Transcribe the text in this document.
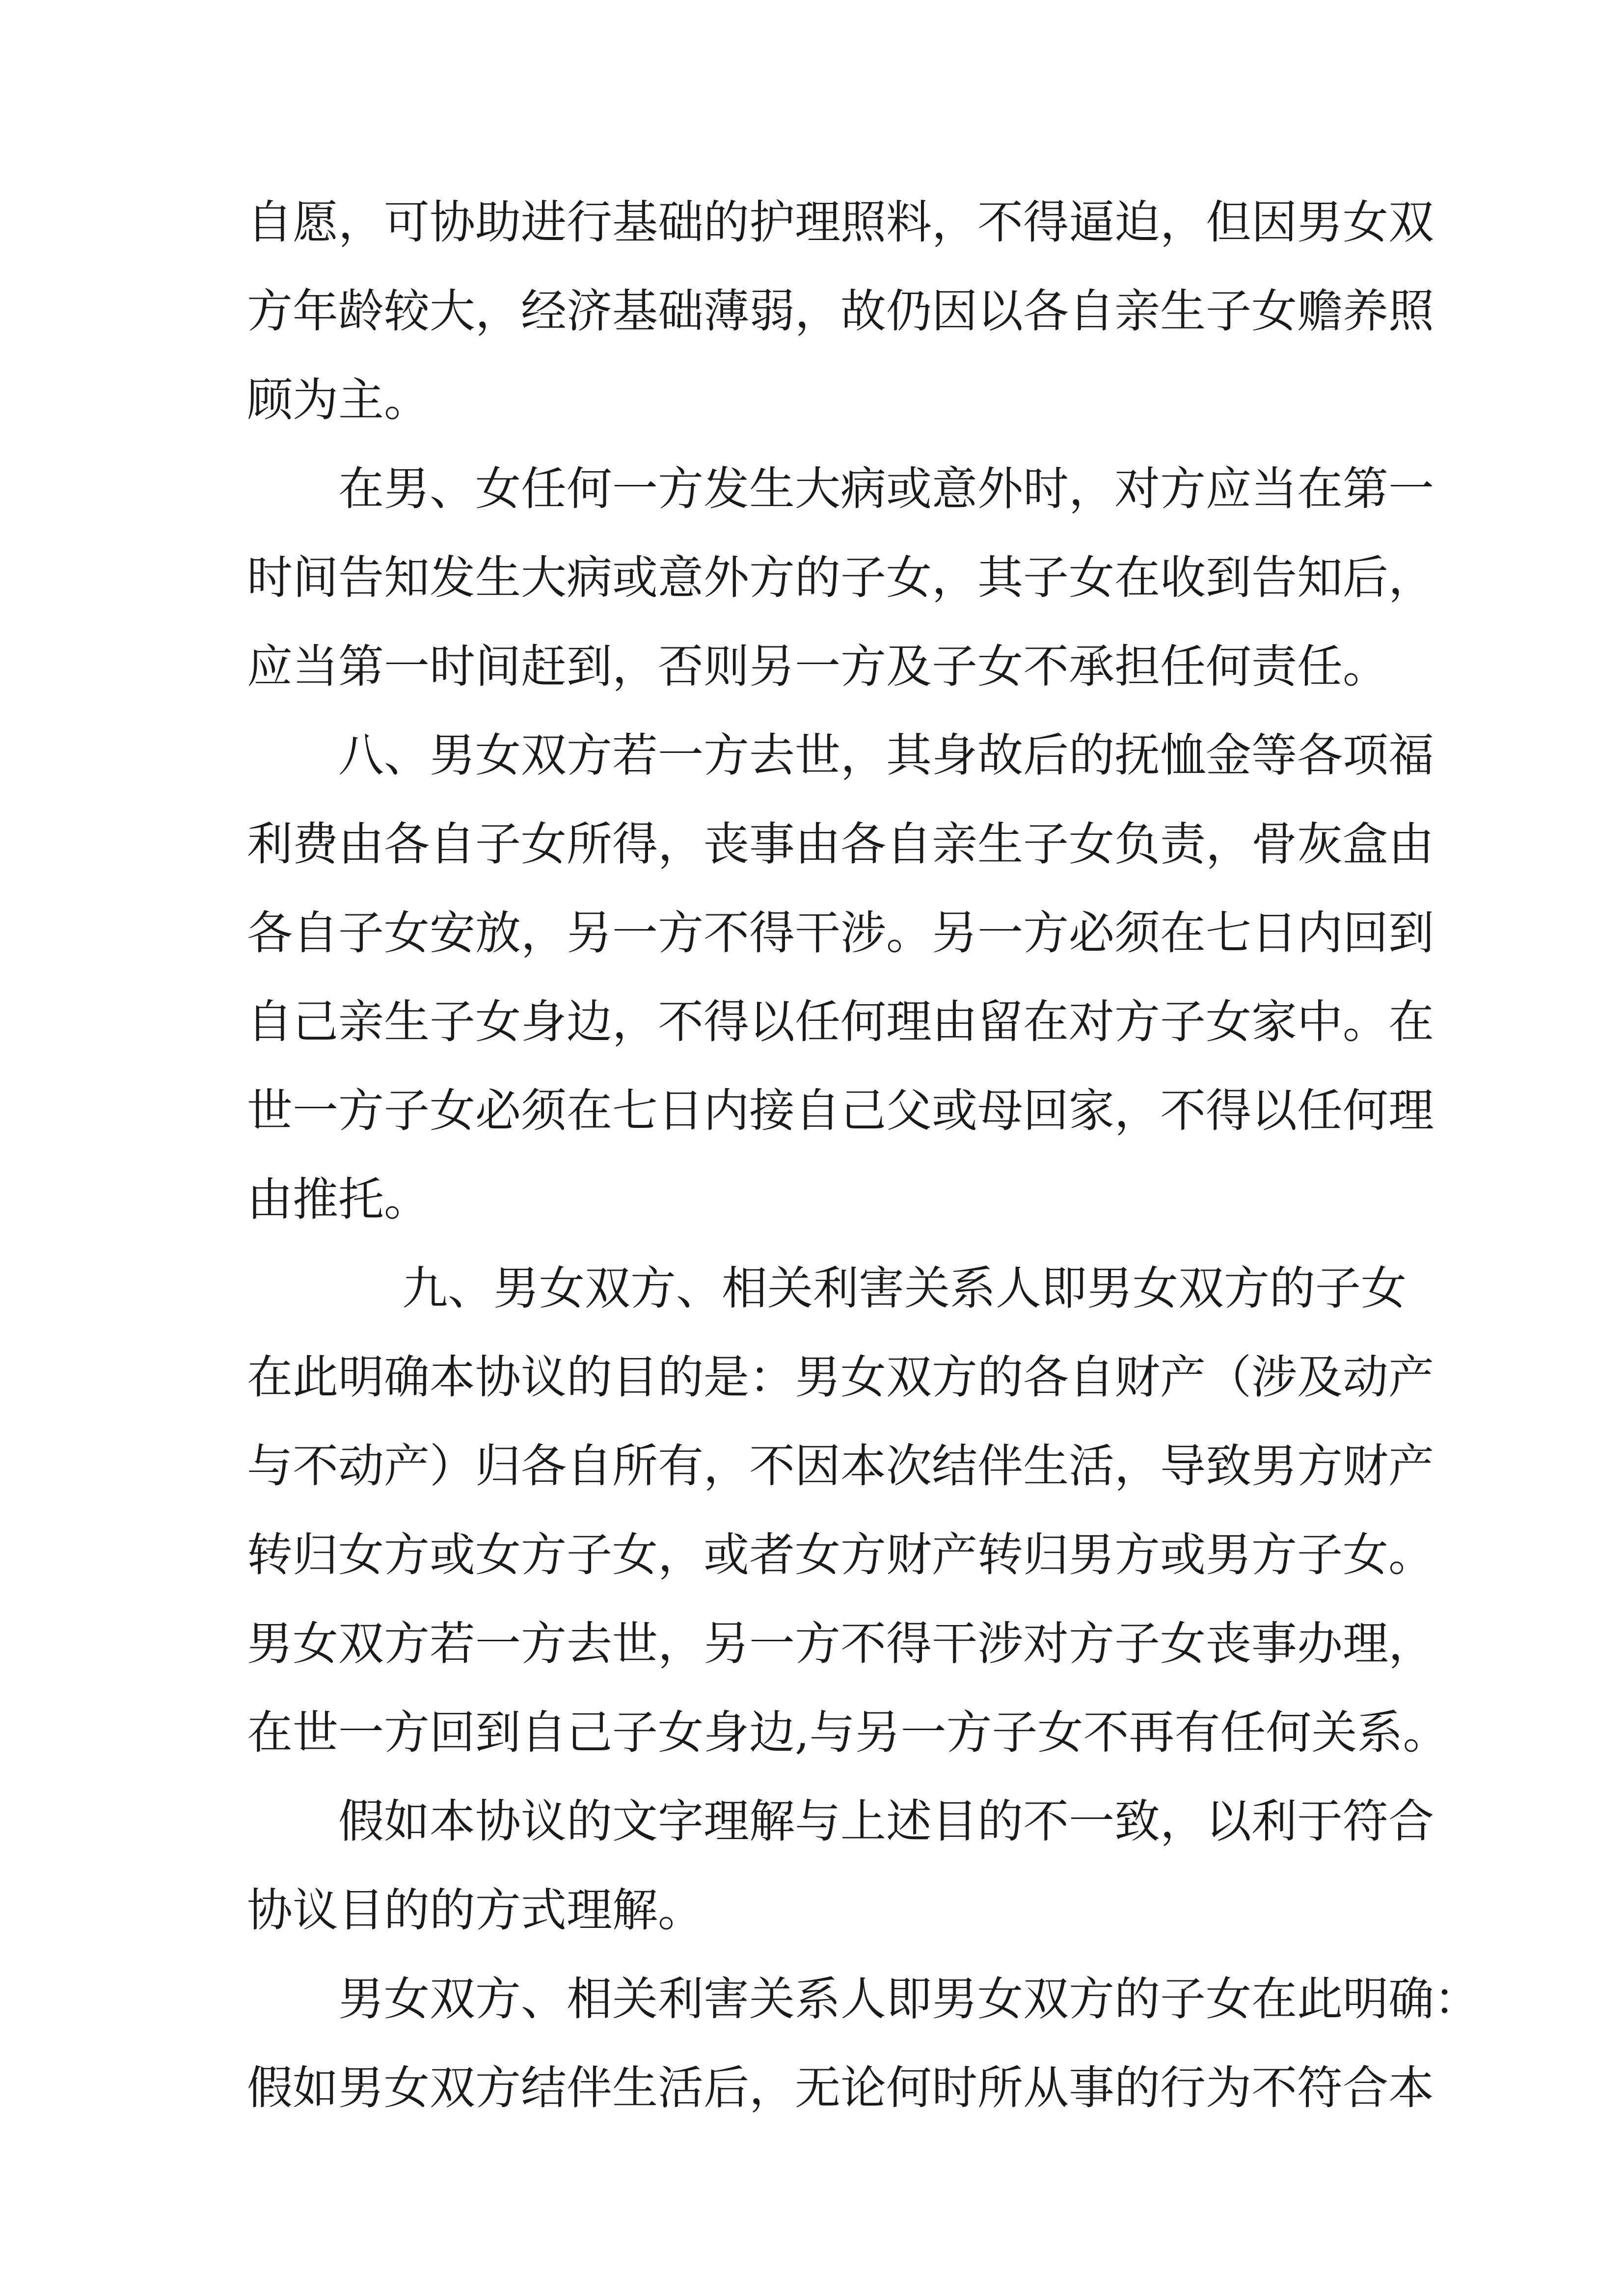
自愿，可协助进行基础的护理照料，不得逼迫，但因男女双
方年龄较大，经济基础薄弱，故仍因以各自亲生子女赡养照
顾为主。
在男、女任何一方发生大病或意外时，对方应当在第一
时间告知发生大病或意外方的子女，其子女在收到告知后，
应当第一时间赶到，否则另一方及子女不承担任何责任。
八、男女双方若一方去世，其身故后的抚恤金等各项福
利费由各自子女所得，丧事由各自亲生子女负责，骨灰盒由
各自子女安放，另一方不得干涉。另一方必须在七日内回到
自己亲生子女身边，不得以任何理由留在对方子女家中。在
世一方子女必须在七日内接自己父或母回家，不得以任何理
由推托。
九、男女双方、相关利害关系人即男女双方的子女
在此明确本协议的目的是：男女双方的各自财产（涉及动产
与不动产）归各自所有，不因本次结伴生活，导致男方财产
转归女方或女方子女，或者女方财产转归男方或男方子女。
男女双方若一方去世，另一方不得干涉对方子女丧事办理，
在世一方回到自己子女身边,与另一方子女不再有任何关系。
假如本协议的文字理解与上述目的不一致，以利于符合
协议目的的方式理解。
男女双方、相关利害关系人即男女双方的子女在此明确：
假如男女双方结伴生活后，无论何时所从事的行为不符合本
